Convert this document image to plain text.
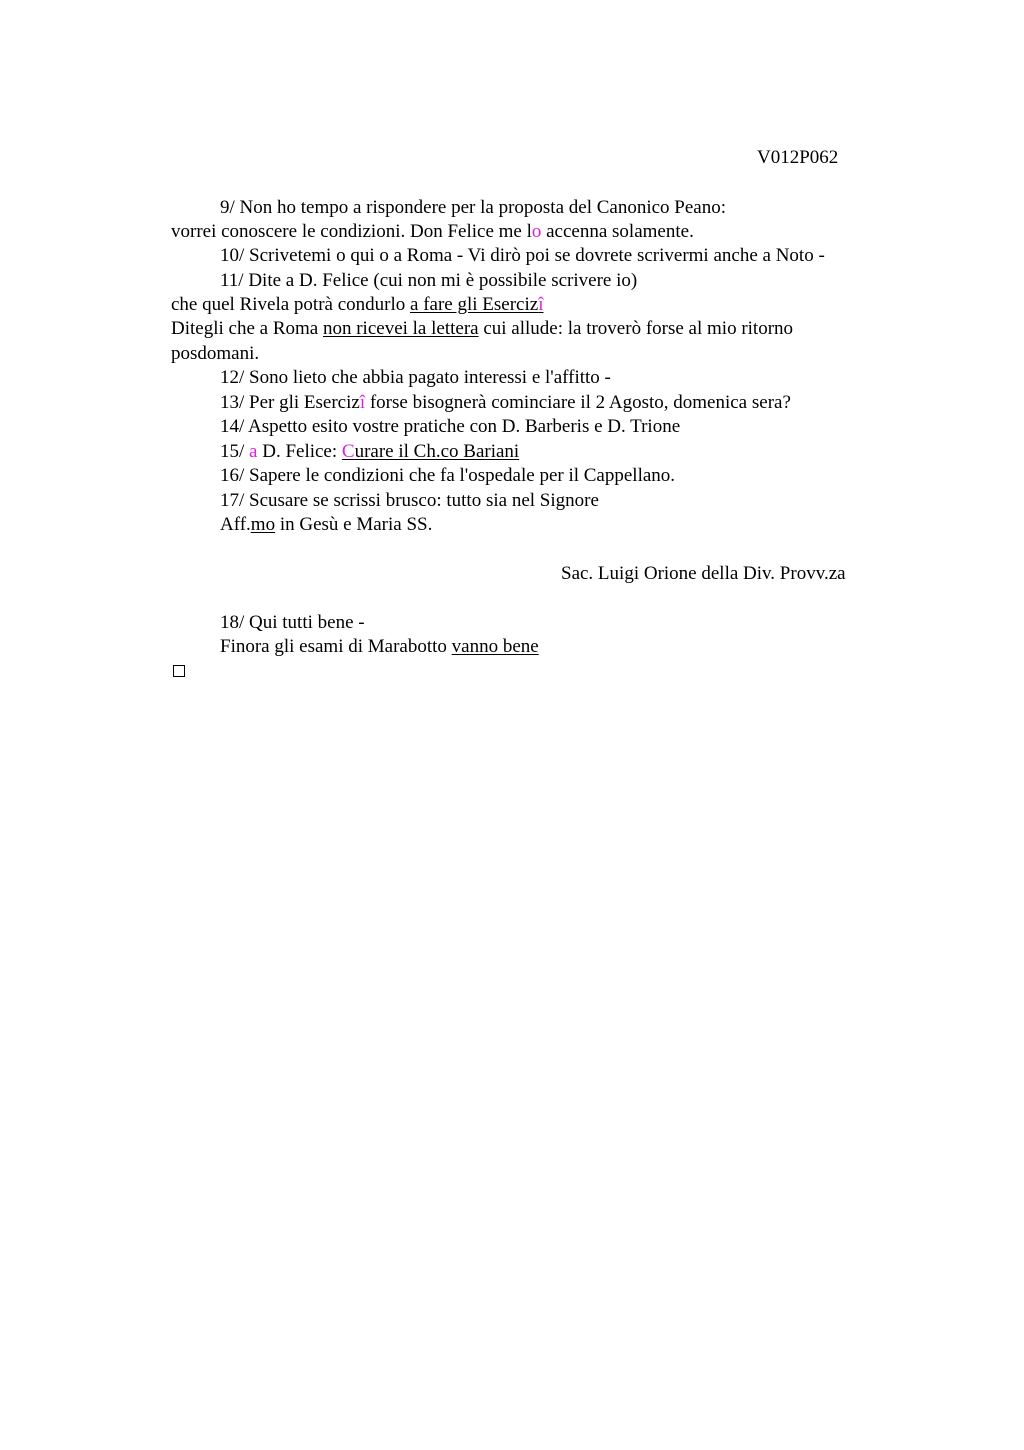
V012P062
9/ Non ho tempo a rispondere per la proposta del Canonico Peano:
vorrei conoscere le condizioni. Don Felice me lo accenna solamente.
10/ Scrivetemi o qui o a Roma - Vi dirò poi se dovrete scrivermi anche a Noto -
11/ Dite a D. Felice (cui non mi è possibile scrivere io)
che quel Rivela potrà condurlo a fare gli Esercizî
Ditegli che a Roma non ricevei la lettera cui allude: la troverò forse al mio ritorno
posdomani.
12/ Sono lieto che abbia pagato interessi e l'affitto -
13/ Per gli Esercizî forse bisognerà cominciare il 2 Agosto, domenica sera?
14/ Aspetto esito vostre pratiche con D. Barberis e D. Trione
15/ a D. Felice: Curare il Ch.co Bariani
16/ Sapere le condizioni che fa l'ospedale per il Cappellano.
17/ Scusare se scrissi brusco: tutto sia nel Signore
Aff.mo in Gesù e Maria SS.
Sac. Luigi Orione della Div. Provv.za
18/ Qui tutti bene -
Finora gli esami di Marabotto vanno bene
